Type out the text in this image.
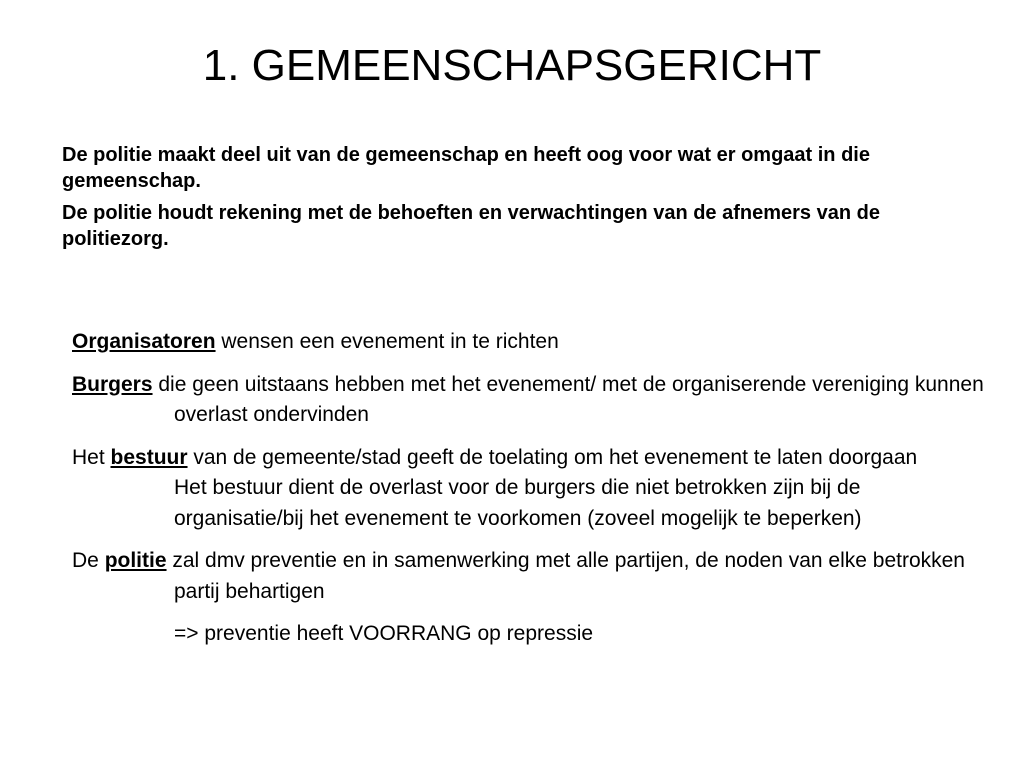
1. GEMEENSCHAPSGERICHT

De politie maakt deel uit van de gemeenschap en heeft oog voor wat er omgaat in die gemeenschap.

De politie houdt rekening met de behoeften en verwachtingen van de afnemers van de politiezorg.

Organisatoren wensen een evenement in te richten

Burgers die geen uitstaans hebben met het evenement/ met de organiserende vereniging kunnen overlast ondervinden

Het bestuur van de gemeente/stad geeft de toelating om het evenement te laten doorgaan
Het bestuur dient de overlast voor de burgers die niet betrokken zijn bij de organisatie/bij het evenement te voorkomen (zoveel mogelijk te beperken)

De politie zal dmv preventie en in samenwerking met alle partijen, de noden van elke betrokken partij behartigen

=> preventie heeft VOORRANG op repressie
